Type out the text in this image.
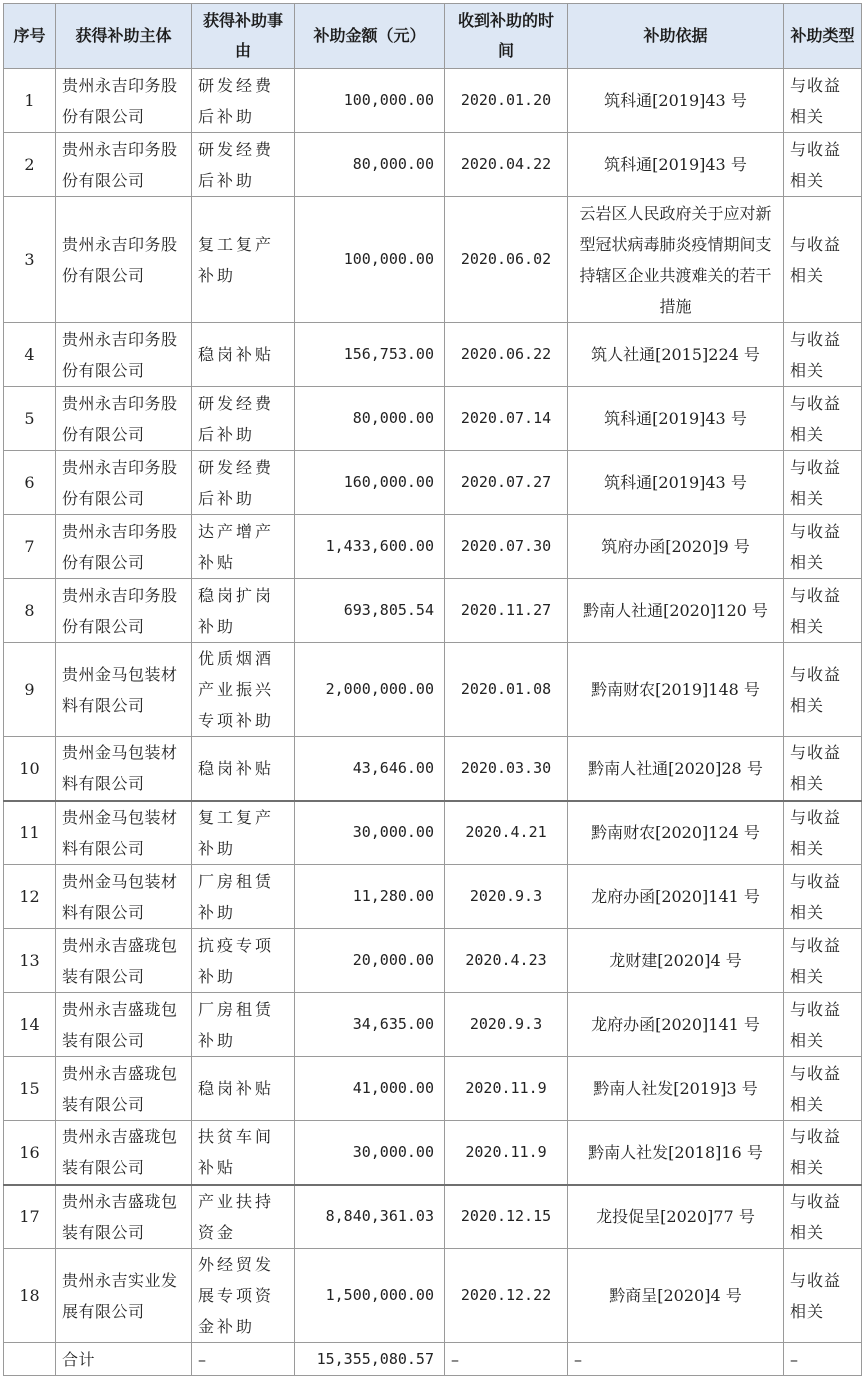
序号	获得补助主体	获得补助事由	补助金额（元）	收到补助的时间	补助依据	补助类型
1	贵州永吉印务股份有限公司	研发经费后补助	100,000.00	2020.01.20	筑科通[2019]43 号	与收益相关
2	贵州永吉印务股份有限公司	研发经费后补助	80,000.00	2020.04.22	筑科通[2019]43 号	与收益相关
3	贵州永吉印务股份有限公司	复工复产补助	100,000.00	2020.06.02	云岩区人民政府关于应对新型冠状病毒肺炎疫情期间支持辖区企业共渡难关的若干措施	与收益相关
4	贵州永吉印务股份有限公司	稳岗补贴	156,753.00	2020.06.22	筑人社通[2015]224 号	与收益相关
5	贵州永吉印务股份有限公司	研发经费后补助	80,000.00	2020.07.14	筑科通[2019]43 号	与收益相关
6	贵州永吉印务股份有限公司	研发经费后补助	160,000.00	2020.07.27	筑科通[2019]43 号	与收益相关
7	贵州永吉印务股份有限公司	达产增产补贴	1,433,600.00	2020.07.30	筑府办函[2020]9 号	与收益相关
8	贵州永吉印务股份有限公司	稳岗扩岗补助	693,805.54	2020.11.27	黔南人社通[2020]120 号	与收益相关
9	贵州金马包装材料有限公司	优质烟酒产业振兴专项补助	2,000,000.00	2020.01.08	黔南财农[2019]148 号	与收益相关
10	贵州金马包装材料有限公司	稳岗补贴	43,646.00	2020.03.30	黔南人社通[2020]28 号	与收益相关
11	贵州金马包装材料有限公司	复工复产补助	30,000.00	2020.4.21	黔南财农[2020]124 号	与收益相关
12	贵州金马包装材料有限公司	厂房租赁补助	11,280.00	2020.9.3	龙府办函[2020]141 号	与收益相关
13	贵州永吉盛珑包装有限公司	抗疫专项补助	20,000.00	2020.4.23	龙财建[2020]4 号	与收益相关
14	贵州永吉盛珑包装有限公司	厂房租赁补助	34,635.00	2020.9.3	龙府办函[2020]141 号	与收益相关
15	贵州永吉盛珑包装有限公司	稳岗补贴	41,000.00	2020.11.9	黔南人社发[2019]3 号	与收益相关
16	贵州永吉盛珑包装有限公司	扶贫车间补贴	30,000.00	2020.11.9	黔南人社发[2018]16 号	与收益相关
17	贵州永吉盛珑包装有限公司	产业扶持资金	8,840,361.03	2020.12.15	龙投促呈[2020]77 号	与收益相关
18	贵州永吉实业发展有限公司	外经贸发展专项资金补助	1,500,000.00	2020.12.22	黔商呈[2020]4 号	与收益相关
	合计	–	15,355,080.57	–	–	–
